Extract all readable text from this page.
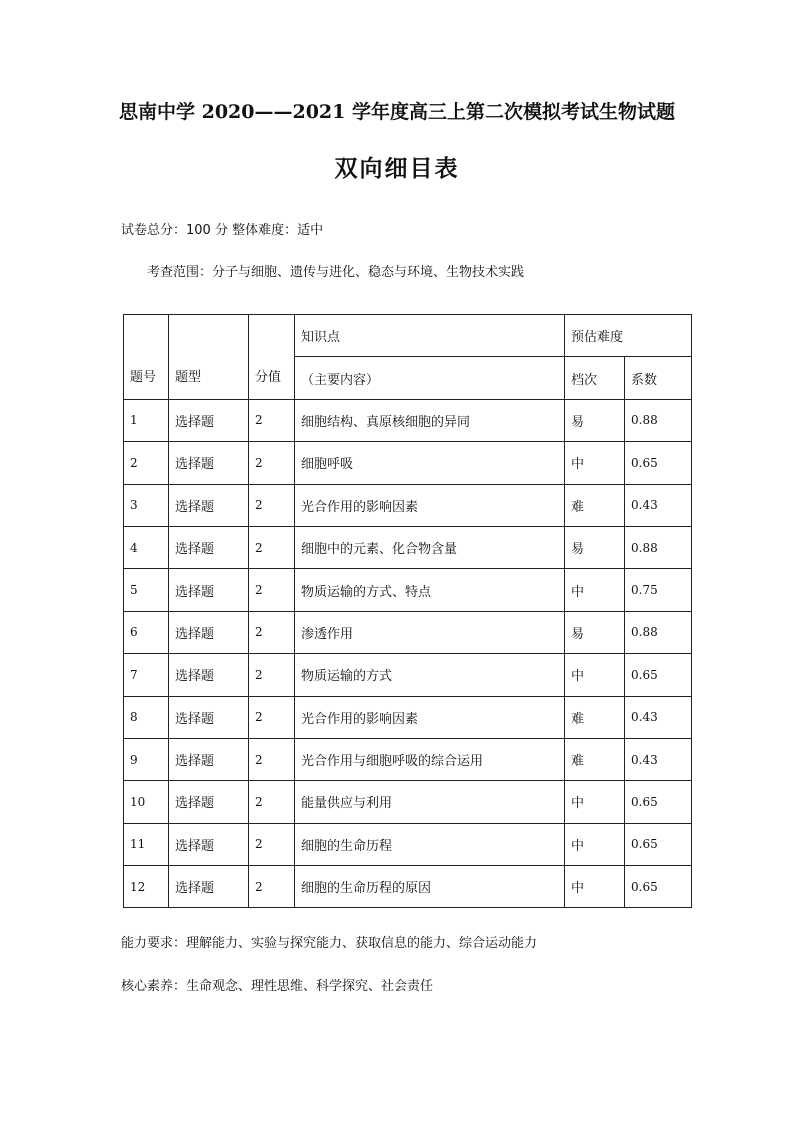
思南中学 2020——2021 学年度高三上第二次模拟考试生物试题
双向细目表
试卷总分：100 分 整体难度：适中
考查范围：分子与细胞、遗传与进化、稳态与环境、生物技术实践
题号	题型	分值	知识点	预估难度	
			（主要内容）	档次	系数
1	选择题	2	细胞结构、真原核细胞的异同	易	0.88
2	选择题	2	细胞呼吸	中	0.65
3	选择题	2	光合作用的影响因素	难	0.43
4	选择题	2	细胞中的元素、化合物含量	易	0.88
5	选择题	2	物质运输的方式、特点	中	0.75
6	选择题	2	渗透作用	易	0.88
7	选择题	2	物质运输的方式	中	0.65
8	选择题	2	光合作用的影响因素	难	0.43
9	选择题	2	光合作用与细胞呼吸的综合运用	难	0.43
10	选择题	2	能量供应与利用	中	0.65
11	选择题	2	细胞的生命历程	中	0.65
12	选择题	2	细胞的生命历程的原因	中	0.65
能力要求：理解能力、实验与探究能力、获取信息的能力、综合运动能力
核心素养：生命观念、理性思维、科学探究、社会责任
